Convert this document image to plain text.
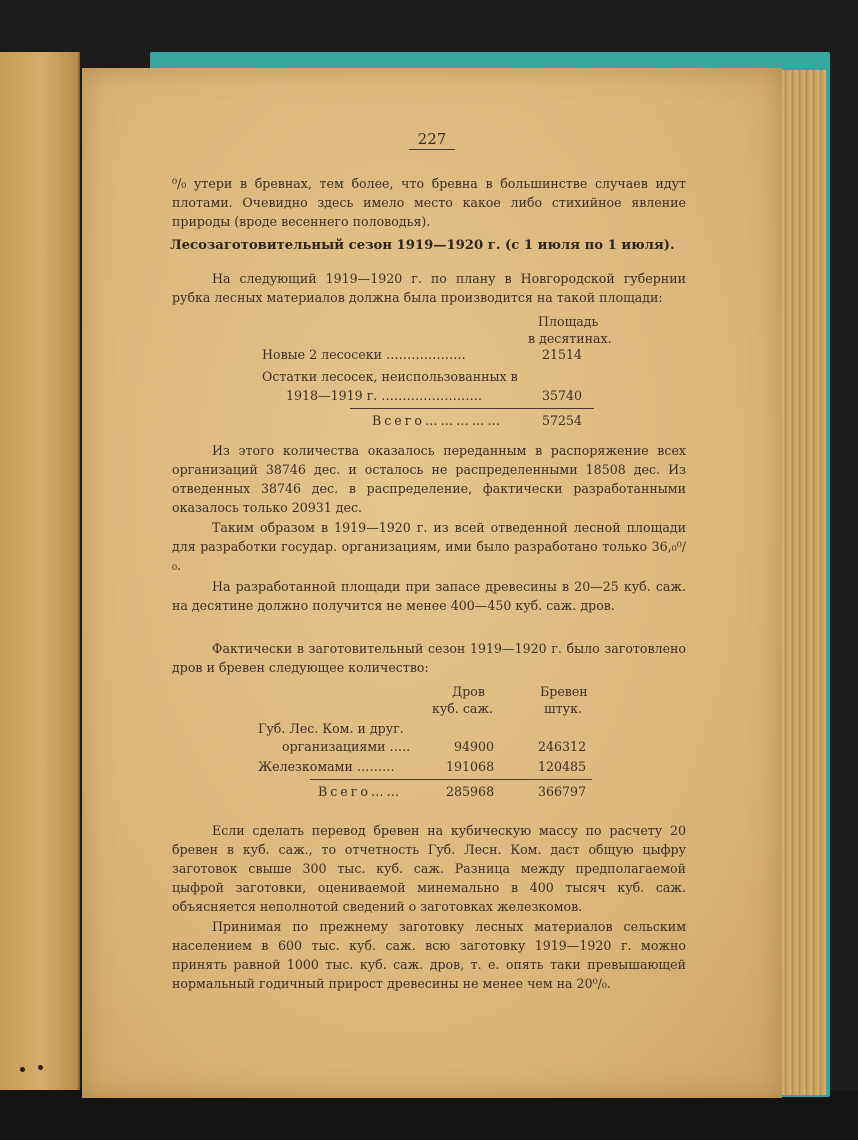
227

⁰/₀ утери в бревнах, тем более, что бревна в большинстве случаев идут плотами. Очевидно здесь имело место какое либо стихийное явление природы (вроде весеннего половодья).

Лесозаготовительный сезон 1919—1920 г. (с 1 июля по 1 июля).

На следующий 1919—1920 г. по плану в Новгородской губернии рубка лесных материалов должна была производится на такой площади:

Площадь
в десятинах.
Новые 2 лесосеки ……………….	21514
Остатки лесосек, неиспользованных в
1918—1919 г. ……………………	35740
Всего……………	57254

Из этого количества оказалось переданным в распоряжение всех организаций 38746 дес. и осталось не распределенными 18508 дес. Из отведенных 38746 дес. в распределение, фактически разработанными оказалось только 20931 дес.

Таким образом в 1919—1920 г. из всей отведенной лесной площади для разработки государ. организациям, ими было разработано только 36,₀⁰/₀.

На разработанной площади при запасе древесины в 20—25 куб. саж. на десятине должно получится не менее 400—450 куб. саж. дров.

Фактически в заготовительный сезон 1919—1920 г. было заготовлено дров и бревен следующее количество:

Дров
куб. саж.
Бревен
штук.
Губ. Лес. Ком. и друг.
организациями …..	94900	246312
Железкомами ………	191068	120485
Всего……	285968	366797

Если сделать перевод бревен на кубическую массу по расчету 20 бревен в куб. саж., то отчетность Губ. Лесн. Ком. даст общую цыфру заготовок свыше 300 тыс. куб. саж. Разница между предполагаемой цыфрой заготовки, оцениваемой минемально в 400 тысяч куб. саж. объясняется неполнотой сведений о заготовках железкомов.

Принимая по прежнему заготовку лесных материалов сельским населением в 600 тыс. куб. саж. всю заготовку 1919—1920 г. можно принять равной 1000 тыс. куб. саж. дров, т. е. опять таки превышающей нормальный годичный прирост древесины не менее чем на 20⁰/₀.
